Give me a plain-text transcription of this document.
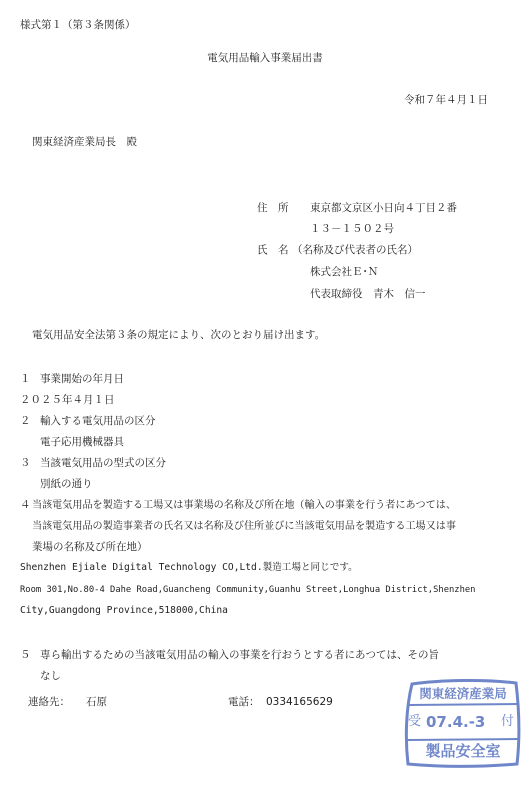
様式第１（第３条関係）
電気用品輸入事業届出書
令和７年４月１日
関東経済産業局長　殿
住　所 東京都文京区小日向４丁目２番
１３－１５０２号
氏　名 （名称及び代表者の氏名）
株式会社Ｅ･Ｎ
代表取締役　青木　信一
電気用品安全法第３条の規定により、次のとおり届け出ます。
１ 事業開始の年月日
２０２５年４月１日
２ 輸入する電気用品の区分
電子応用機械器具
３ 当該電気用品の型式の区分
別紙の通り
４ 当該電気用品を製造する工場又は事業場の名称及び所在地（輸入の事業を行う者にあつては、
当該電気用品の製造事業者の氏名又は名称及び住所並びに当該電気用品を製造する工場又は事
業場の名称及び所在地）
Shenzhen Ejiale Digital Technology CO,Ltd.製造工場と同じです。
Room 301,No.80-4 Dahe Road,Guancheng Community,Guanhu Street,Longhua District,Shenzhen
City,Guangdong Province,518000,China
５ 専ら輸出するための当該電気用品の輸入の事業を行おうとする者にあつては、その旨
なし
連絡先： 石原	電話： 0334165629
関東経済産業局
受 07.4.-3 付
製品安全室
